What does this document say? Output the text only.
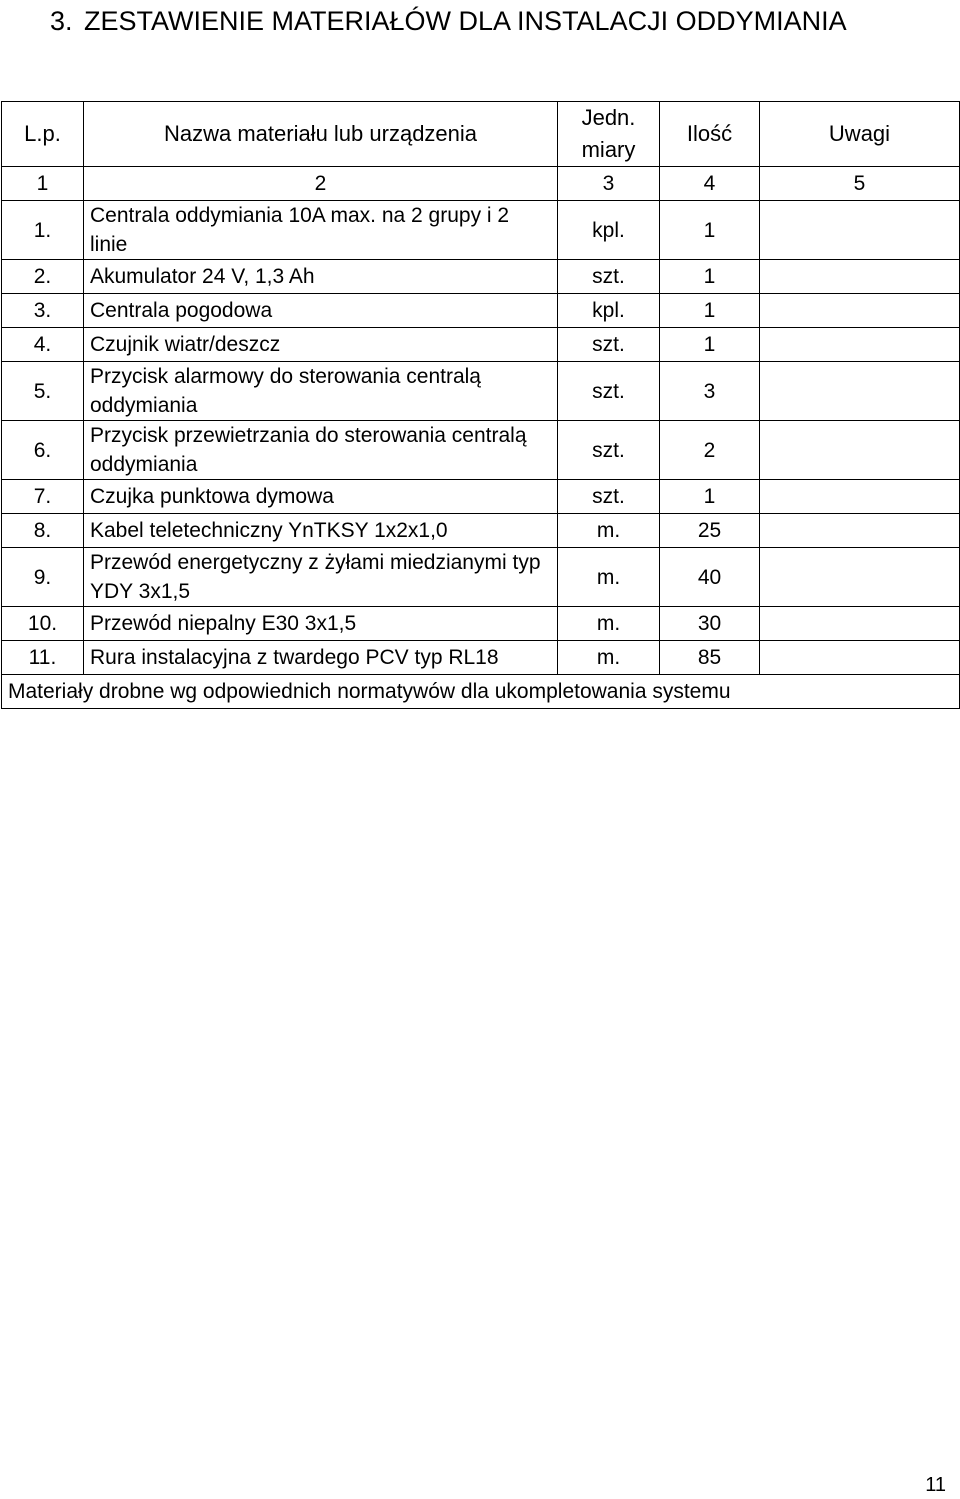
3. ZESTAWIENIE MATERIAŁÓW DLA INSTALACJI ODDYMIANIA
L.p.	Nazwa materiału lub urządzenia	Jedn. miary	Ilość	Uwagi
1	2	3	4	5
1.	Centrala oddymiania 10A max. na 2 grupy i 2 linie	kpl.	1	
2.	Akumulator 24 V, 1,3 Ah	szt.	1	
3.	Centrala pogodowa	kpl.	1	
4.	Czujnik wiatr/deszcz	szt.	1	
5.	Przycisk alarmowy do sterowania centralą oddymiania	szt.	3	
6.	Przycisk przewietrzania do sterowania centralą oddymiania	szt.	2	
7.	Czujka punktowa dymowa	szt.	1	
8.	Kabel teletechniczny YnTKSY 1x2x1,0	m.	25	
9.	Przewód energetyczny z żyłami miedzianymi typ YDY 3x1,5	m.	40	
10.	Przewód niepalny E30 3x1,5	m.	30	
11.	Rura instalacyjna z twardego PCV typ RL18	m.	85	
Materiały drobne wg odpowiednich normatywów dla ukompletowania systemu				
11
